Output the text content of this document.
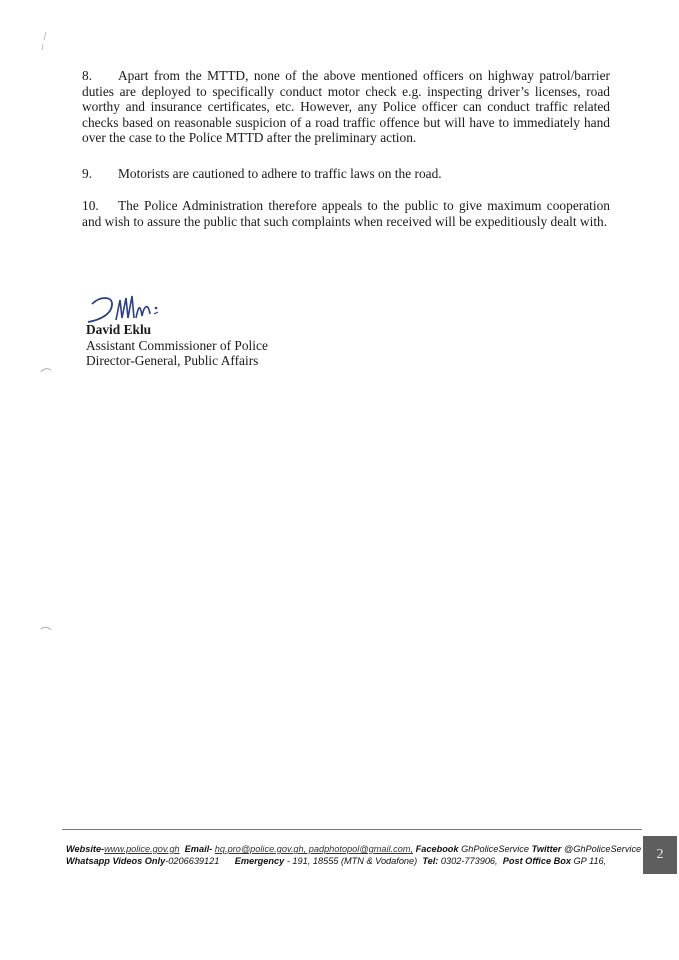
8. Apart from the MTTD, none of the above mentioned officers on highway patrol/barrier duties are deployed to specifically conduct motor check e.g. inspecting driver’s licenses, road worthy and insurance certificates, etc. However, any Police officer can conduct traffic related checks based on reasonable suspicion of a road traffic offence but will have to immediately hand over the case to the Police MTTD after the preliminary action.
9. Motorists are cautioned to adhere to traffic laws on the road.
10. The Police Administration therefore appeals to the public to give maximum cooperation and wish to assure the public that such complaints when received will be expeditiously dealt with.
David Eklu
Assistant Commissioner of Police
Director-General, Public Affairs
Website-www.police.gov.gh Email- hq.pro@police.gov.gh, padphotopol@gmail.com, Facebook GhPoliceService Twitter @GhPoliceService
Whatsapp Videos Only-0206639121 Emergency - 191, 18555 (MTN & Vodafone) Tel: 0302-773906, Post Office Box GP 116,	2
